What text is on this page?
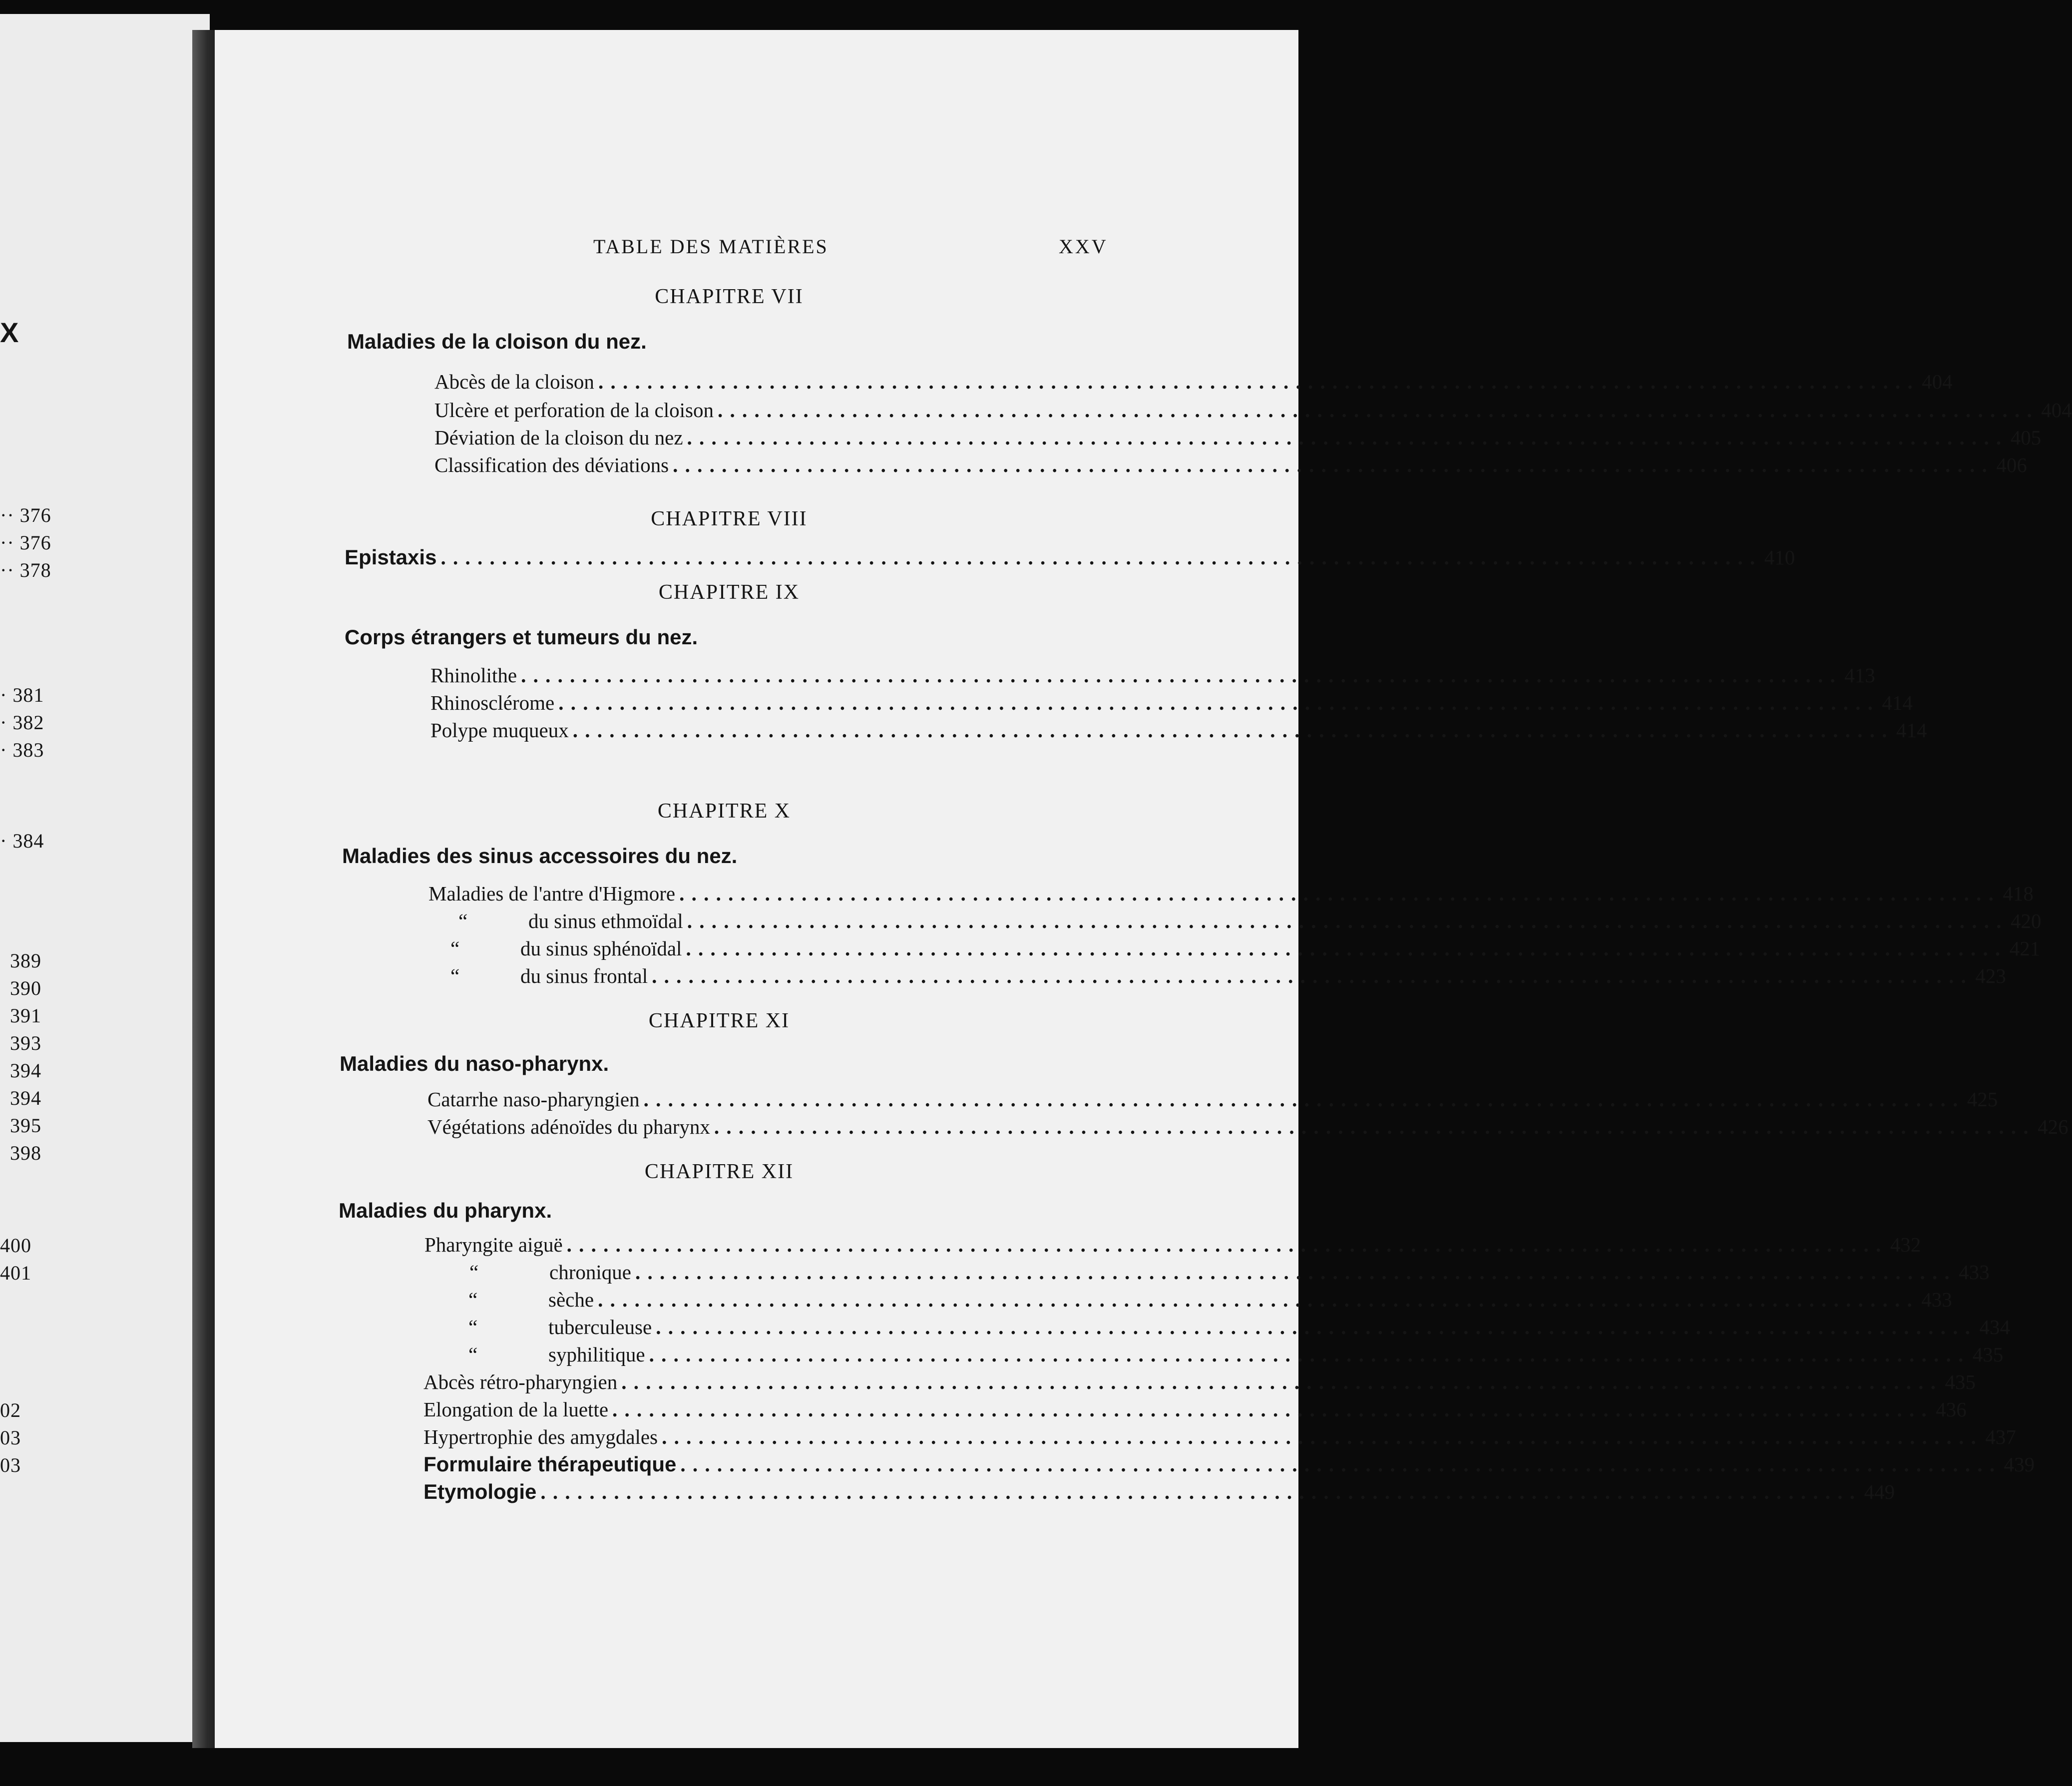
X
·· 376
·· 376
·· 378
· 381
· 382
· 383
· 384
389
390
391
393
394
394
395
398
400
401
02
03
03
TABLE DES MATIÈRES	XXV
CHAPITRE VII
Maladies de la cloison du nez.
Abcès de la cloison . . .	404
Ulcère et perforation de la cloison . . .	404
Déviation de la cloison du nez . . .	405
Classification des déviations . . .	406
CHAPITRE VIII
Epistaxis . . .	410
CHAPITRE IX
Corps étrangers et tumeurs du nez.
Rhinolithe . . .	413
Rhinosclérome . . .	414
Polype muqueux . . .	414
CHAPITRE X
Maladies des sinus accessoires du nez.
Maladies de l'antre d'Higmore . . .	418
“	du sinus ethmoïdal . . .	420
“	du sinus sphénoïdal . . .	421
“	du sinus frontal . . .	423
CHAPITRE XI
Maladies du naso-pharynx.
Catarrhe naso-pharyngien . . .	425
Végétations adénoïdes du pharynx . . .	426
CHAPITRE XII
Maladies du pharynx.
Pharyngite aiguë . . .	432
“	chronique . . .	433
“	sèche . . .	433
“	tuberculeuse . . .	434
“	syphilitique . . .	435
Abcès rétro-pharyngien . . .	435
Elongation de la luette . . .	436
Hypertrophie des amygdales . . .	437
Formulaire thérapeutique . . .	439
Etymologie . . .	449
